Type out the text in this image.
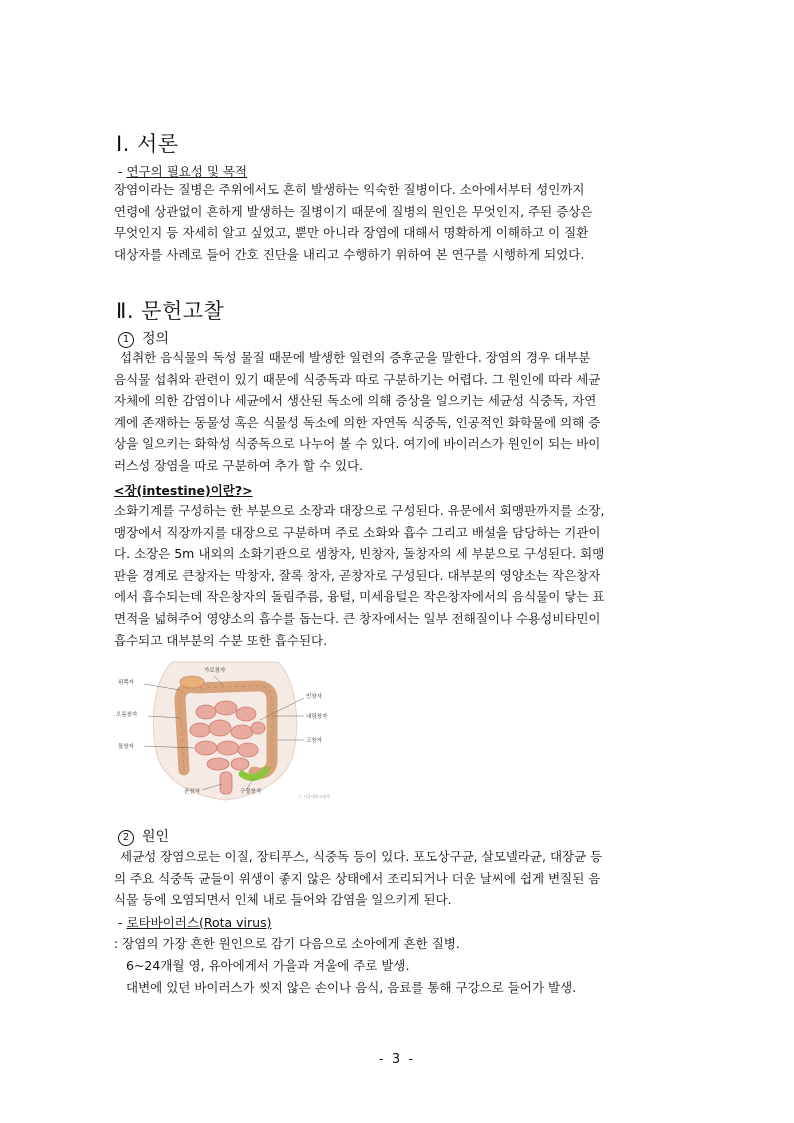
Ⅰ. 서론
- 연구의 필요성 및 목적
장염이라는 질병은 주위에서도 흔히 발생하는 익숙한 질병이다. 소아에서부터 성인까지
연령에 상관없이 흔하게 발생하는 질병이기 때문에 질병의 원인은 무엇인지, 주된 증상은
무엇인지 등 자세히 알고 싶었고, 뿐만 아니라 장염에 대해서 명확하게 이해하고 이 질환
대상자를 사례로 들어 간호 진단을 내리고 수행하기 위하여 본 연구를 시행하게 되었다.
Ⅱ. 문헌고찰
1 정의
섭취한 음식물의 독성 물질 때문에 발생한 일련의 증후군을 말한다. 장염의 경우 대부분
음식물 섭취와 관련이 있기 때문에 식중독과 따로 구분하기는 어렵다. 그 원인에 따라 세균
자체에 의한 감염이나 세균에서 생산된 독소에 의해 증상을 일으키는 세균성 식중독, 자연
계에 존재하는 동물성 혹은 식물성 독소에 의한 자연독 식중독, 인공적인 화학물에 의해 증
상을 일으키는 화학성 식중독으로 나누어 볼 수 있다. 여기에 바이러스가 원인이 되는 바이
러스성 장염을 따로 구분하여 추가 할 수 있다.
<장(intestine)이란?>
소화기계를 구성하는 한 부분으로 소장과 대장으로 구성된다. 유문에서 회맹판까지를 소장,
맹장에서 직장까지를 대장으로 구분하며 주로 소화와 흡수 그리고 배설을 담당하는 기관이
다. 소장은 5m 내외의 소화기관으로 샘창자, 빈창자, 돌창자의 세 부분으로 구성된다. 회맹
판을 경계로 큰창자는 막창자, 잘록 창자, 곧창자로 구성된다. 대부분의 영양소는 작은창자
에서 흡수되는데 작은창자의 돌림주름, 융털, 미세융털은 작은창자에서의 음식물이 닿는 표
면적을 넓혀주어 영양소의 흡수를 돕는다. 큰 창자에서는 일부 전해질이나 수용성비타민이
흡수되고 대부분의 수분 또한 흡수된다.
가로창자
위쪽자
오름창자
돌창자
빈창자
내림창자
고창자
곧창자	구불창자
ⓒ 서울대학교병원
2 원인
세균성 장염으로는 이질, 장티푸스, 식중독 등이 있다. 포도상구균, 살모넬라균, 대장균 등
의 주요 식중독 균들이 위생이 좋지 않은 상태에서 조리되거나 더운 날씨에 쉽게 변질된 음
식물 등에 오염되면서 인체 내로 들어와 감염을 일으키게 된다.
- 로타바이러스(Rota virus)
: 장염의 가장 흔한 원인으로 감기 다음으로 소아에게 흔한 질병.
6~24개월 영, 유아에게서 가을과 겨울에 주로 발생.
대변에 있던 바이러스가 씻지 않은 손이나 음식, 음료를 통해 구강으로 들어가 발생.
- 3 -
